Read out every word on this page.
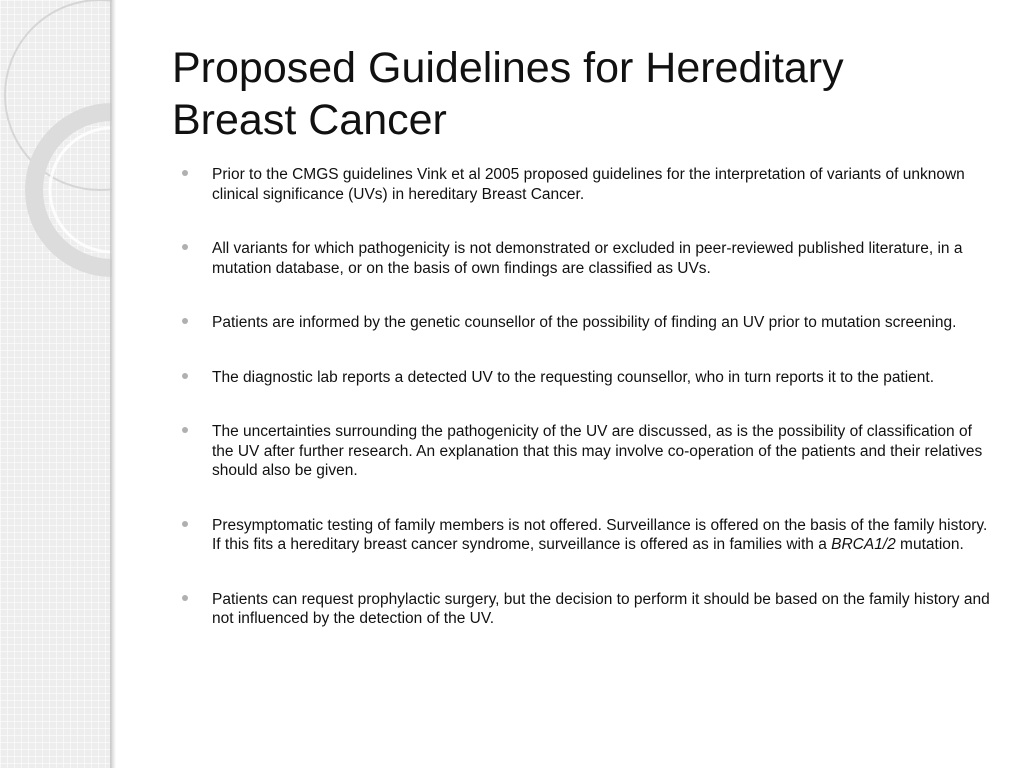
Proposed Guidelines for Hereditary Breast Cancer
Prior to the CMGS guidelines Vink et al 2005 proposed guidelines for the interpretation of variants of unknown clinical significance (UVs) in hereditary Breast Cancer.
All variants for which pathogenicity is not demonstrated or excluded in peer-reviewed published literature, in a mutation database, or on the basis of own findings are classified as UVs.
Patients are informed by the genetic counsellor of the possibility of finding an UV prior to mutation screening.
The diagnostic lab reports a detected UV to the requesting counsellor, who in turn reports it to the patient.
The uncertainties surrounding the pathogenicity of the UV are discussed, as is the possibility of classification of the UV after further research. An explanation that this may involve co-operation of the patients and their relatives should also be given.
Presymptomatic testing of family members is not offered. Surveillance is offered on the basis of the family history. If this fits a hereditary breast cancer syndrome, surveillance is offered as in families with a BRCA1/2 mutation.
Patients can request prophylactic surgery, but the decision to perform it should be based on the family history and not influenced by the detection of the UV.
